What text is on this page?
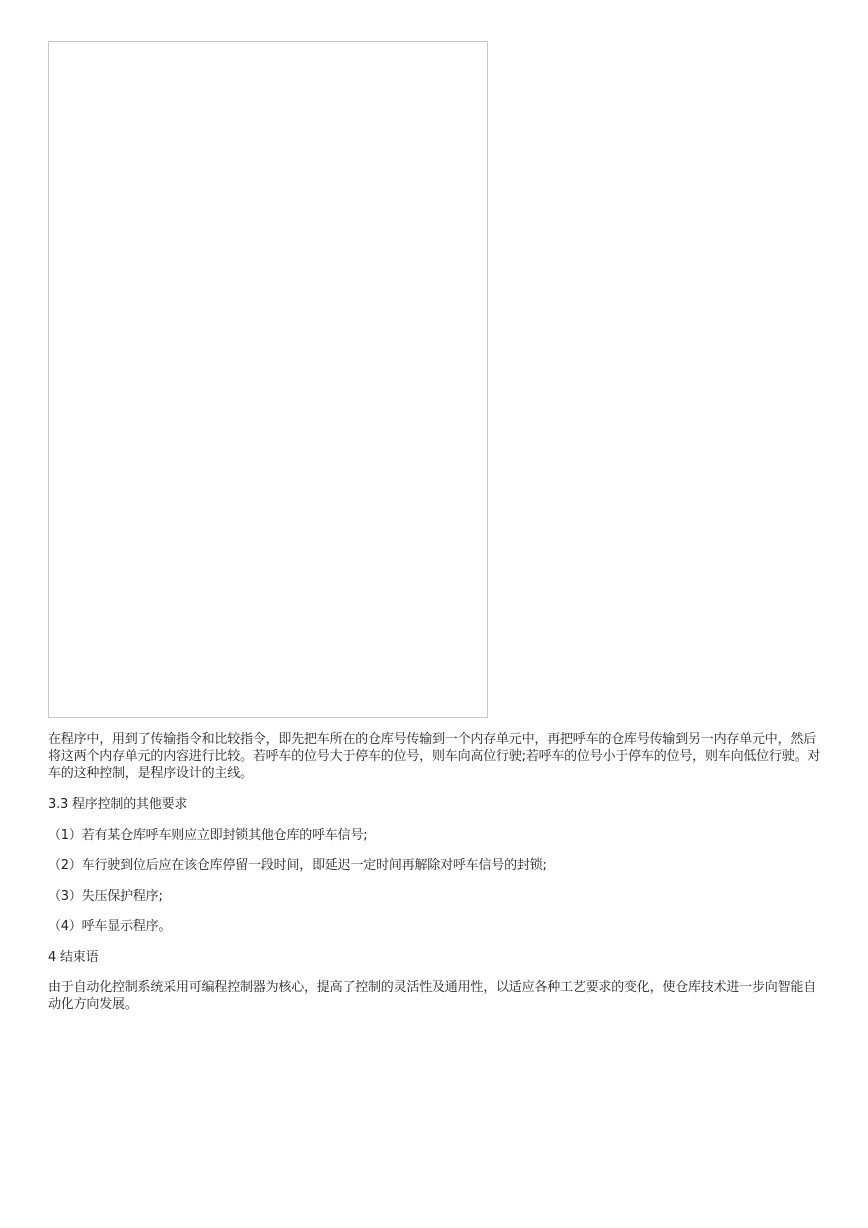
在程序中，用到了传输指令和比较指令，即先把车所在的仓库号传输到一个内存单元中，再把呼车的仓库号传输到另一内存单元中，然后将这两个内存单元的内容进行比较。若呼车的位号大于停车的位号，则车向高位行驶;若呼车的位号小于停车的位号，则车向低位行驶。对车的这种控制，是程序设计的主线。

3.3 程序控制的其他要求

（1）若有某仓库呼车则应立即封锁其他仓库的呼车信号;

（2）车行驶到位后应在该仓库停留一段时间，即延迟一定时间再解除对呼车信号的封锁;

（3）失压保护程序;

（4）呼车显示程序。

4 结束语

由于自动化控制系统采用可编程控制器为核心，提高了控制的灵活性及通用性，以适应各种工艺要求的变化，使仓库技术进一步向智能自动化方向发展。
